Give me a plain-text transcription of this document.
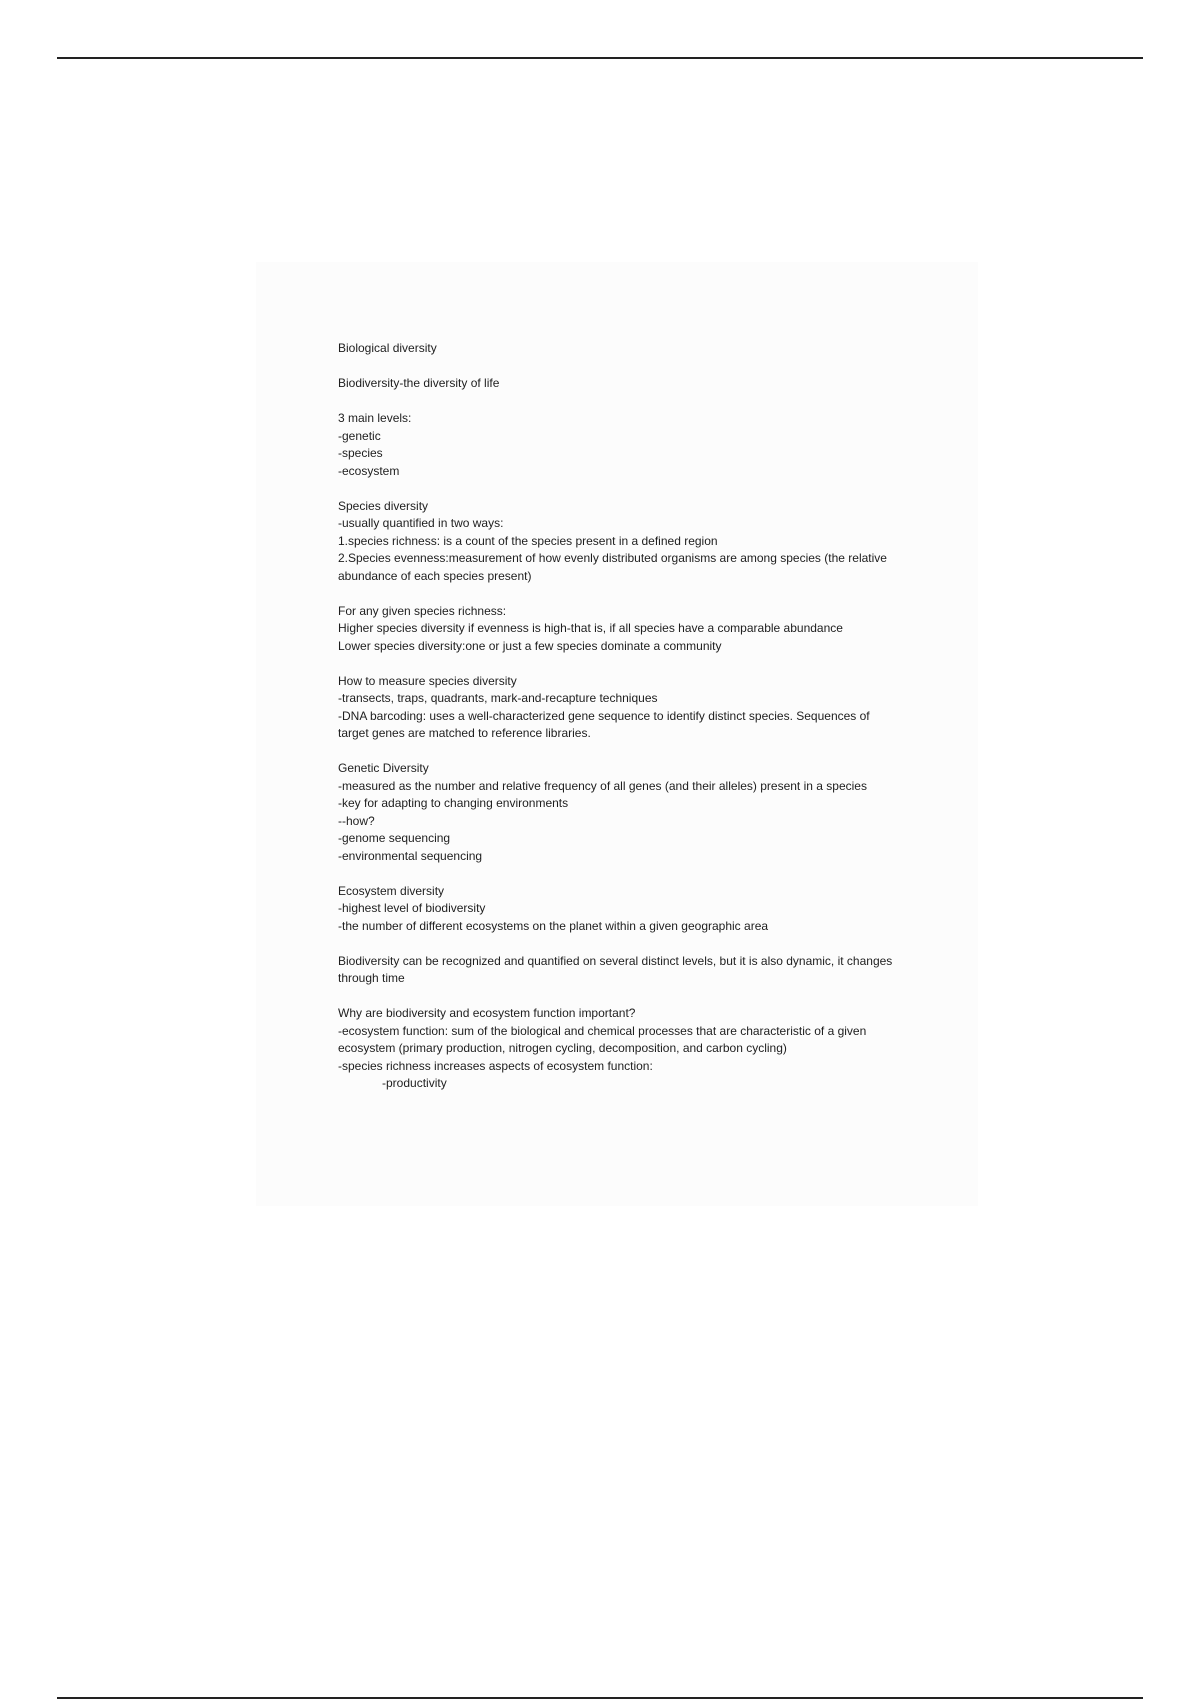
Biological diversity
Biodiversity-the diversity of life
3 main levels:
-genetic
-species
-ecosystem
Species diversity
-usually quantified in two ways:
1.species richness: is a count of the species present in a defined region
2.Species evenness:measurement of how evenly distributed organisms are among species (the relative abundance of each species present)
For any given species richness:
Higher species diversity if evenness is high-that is, if all species have a comparable abundance
Lower species diversity:one or just a few species dominate a community
How to measure species diversity
-transects, traps, quadrants, mark-and-recapture techniques
-DNA barcoding: uses a well-characterized gene sequence to identify distinct species. Sequences of target genes are matched to reference libraries.
Genetic Diversity
-measured as the number and relative frequency of all genes (and their alleles) present in a species
-key for adapting to changing environments
--how?
-genome sequencing
-environmental sequencing
Ecosystem diversity
-highest level of biodiversity
-the number of different ecosystems on the planet within a given geographic area
Biodiversity can be recognized and quantified on several distinct levels, but it is also dynamic, it changes through time
Why are biodiversity and ecosystem function important?
-ecosystem function: sum of the biological and chemical processes that are characteristic of a given ecosystem (primary production, nitrogen cycling, decomposition, and carbon cycling)
-species richness increases aspects of ecosystem function:
-productivity
